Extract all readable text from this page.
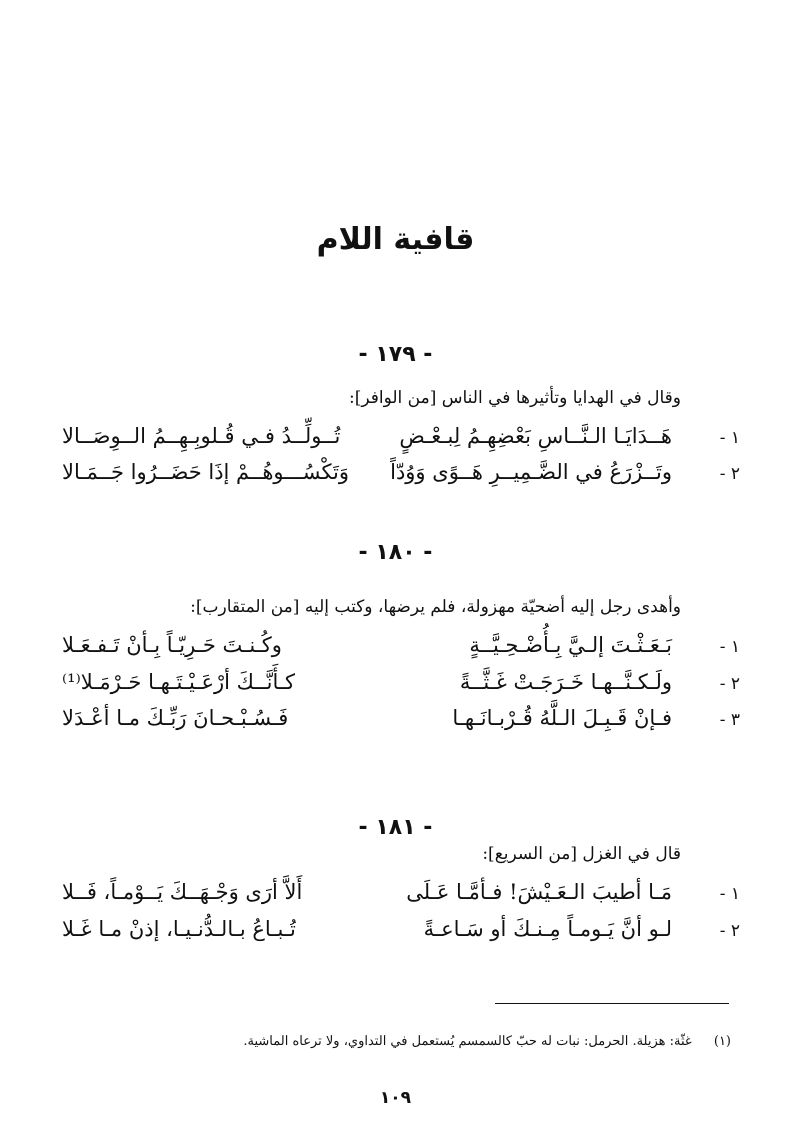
قافية اللام
- ١٧٩ -
وقال في الهدايا وتأثيرها في الناس [من الوافر]:
١ -
هَــدَايَـا الـنَّــاسِ بَعْضِهِـمُ لِبـعْـضٍ
تُــولِّــدُ فـي قُـلوبِـهِــمُ الــوِصَــالا
٢ -
وتَــزْرَعُ في الضَّـمِيــرِ هَــوًى وَوُدّاً
وَتَكْسُـــوهُــمْ إذَا حَضَــرُوا جَــمَـالا
- ١٨٠ -
وأهدى رجل إليه أضحيّة مهزولة، فلم يرضها، وكتب إليه [من المتقارب]:
١ -
بَـعَـثْـتَ إلـيَّ بِـأُضْـحِـيَّــةٍ
وكُـنـتَ حَـرِيّـاً بِـأنْ تَـفـعَـلا
٢ -
ولَـكـنَّــهـا خَـرَجَـتْ غَـثَّــةً
كـأَنَّــكَ أرْعَـيْـتَـهـا حَـرْمَـلا⁽¹⁾
٣ -
فـإنْ قَـبِـلَ الـلَّهُ قُـرْبـانَـهـا
فَـسُـبْـحـانَ رَبِّـكَ مـا أعْـدَلا
- ١٨١ -
قال في الغزل [من السريع]:
١ -
مَـا أطيبَ الـعَـيْشَ! فـأمَّـا عَـلَى
أَلاَّ أرَى وَجْـهَــكَ يَــوْمـاً، فَــلا
٢ -
لـو أنَّ يَـومـاً مِـنـكَ أو سَـاعـةً
تُـبـاعُ بـالـدُّنـيـا، إذنْ مـا غَـلا
(١) غثّة: هزيلة. الحرمل: نبات له حبّ كالسمسم يُستعمل في التداوي، ولا ترعاه الماشية.
١٠٩
